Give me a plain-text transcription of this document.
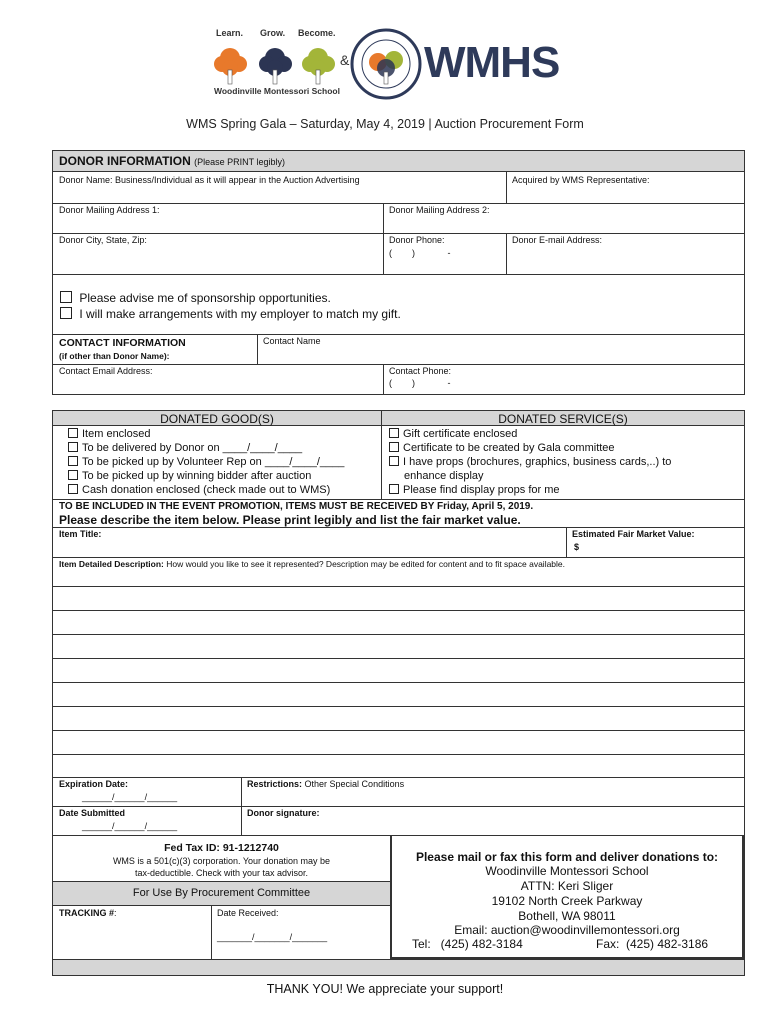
Learn. Grow. Become.
Woodinville Montessori School
& WMHS
WMS Spring Gala – Saturday, May 4, 2019 | Auction Procurement Form
DONOR INFORMATION (Please PRINT legibly)
Donor Name: Business/Individual as it will appear in the Auction Advertising	Acquired by WMS Representative:
Donor Mailing Address 1:	Donor Mailing Address 2:
Donor City, State, Zip:	Donor Phone:
(        )             -
Donor E-mail Address:
Please advise me of sponsorship opportunities.
I will make arrangements with my employer to match my gift.
CONTACT INFORMATION
(if other than Donor Name):
Contact Name
Contact Email Address:	Contact Phone:
(        )             -
DONATED GOOD(S)	DONATED SERVICE(S)
Item enclosed
To be delivered by Donor on ____/____/____
To be picked up by Volunteer Rep on ____/____/____
To be picked up by winning bidder after auction
Cash donation enclosed (check made out to WMS)
Gift certificate enclosed
Certificate to be created by Gala committee
I have props (brochures, graphics, business cards,..) to
enhance display
Please find display props for me
TO BE INCLUDED IN THE EVENT PROMOTION, ITEMS MUST BE RECEIVED BY Friday, April 5, 2019.
Please describe the item below. Please print legibly and list the fair market value.
Item Title:	Estimated Fair Market Value:
$
Item Detailed Description: How would you like to see it represented? Description may be edited for content and to fit space available.
Expiration Date:
______/______/______
Restrictions: Other Special Conditions
Date Submitted
______/______/______
Donor signature:
Fed Tax ID: 91-1212740
WMS is a 501(c)(3) corporation. Your donation may be
tax-deductible. Check with your tax advisor.
For Use By Procurement Committee
TRACKING #:	Date Received:
_______/_______/_______
Please mail or fax this form and deliver donations to:
Woodinville Montessori School
ATTN: Keri Sliger
19102 North Creek Parkway
Bothell, WA 98011
Email: auction@woodinvillemontessori.org
Tel:   (425) 482-3184	Fax:  (425) 482-3186
THANK YOU! We appreciate your support!
